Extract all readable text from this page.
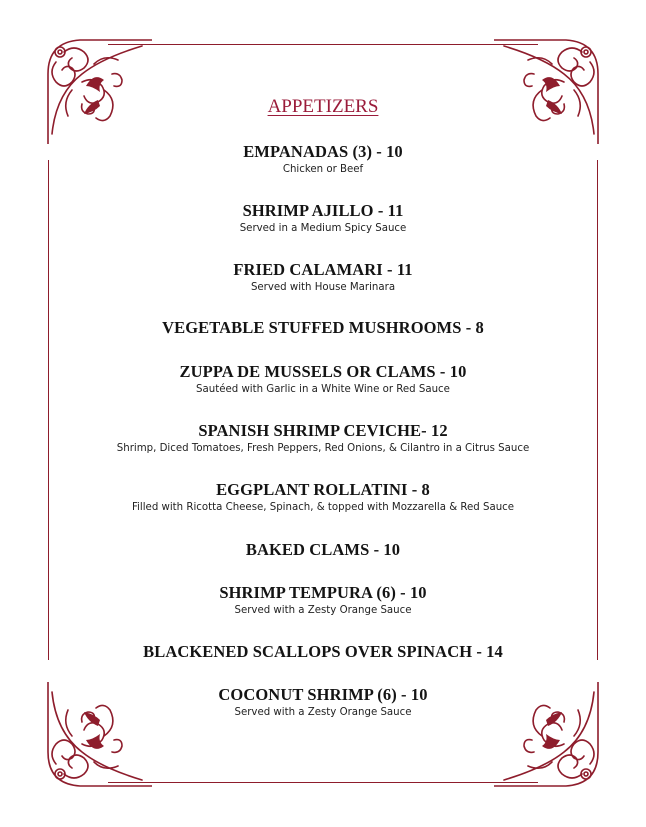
APPETIZERS
EMPANADAS (3) - 10
Chicken or Beef
SHRIMP AJILLO - 11
Served in a Medium Spicy Sauce
FRIED CALAMARI - 11
Served with House Marinara
VEGETABLE STUFFED MUSHROOMS - 8
ZUPPA DE MUSSELS OR CLAMS - 10
Sautéed with Garlic in a White Wine or Red Sauce
SPANISH SHRIMP CEVICHE- 12
Shrimp, Diced Tomatoes, Fresh Peppers, Red Onions, & Cilantro in a Citrus Sauce
EGGPLANT ROLLATINI - 8
Filled with Ricotta Cheese, Spinach, & topped with Mozzarella & Red Sauce
BAKED CLAMS - 10
SHRIMP TEMPURA (6) - 10
Served with a Zesty Orange Sauce
BLACKENED SCALLOPS OVER SPINACH - 14
COCONUT SHRIMP (6) - 10
Served with a Zesty Orange Sauce
